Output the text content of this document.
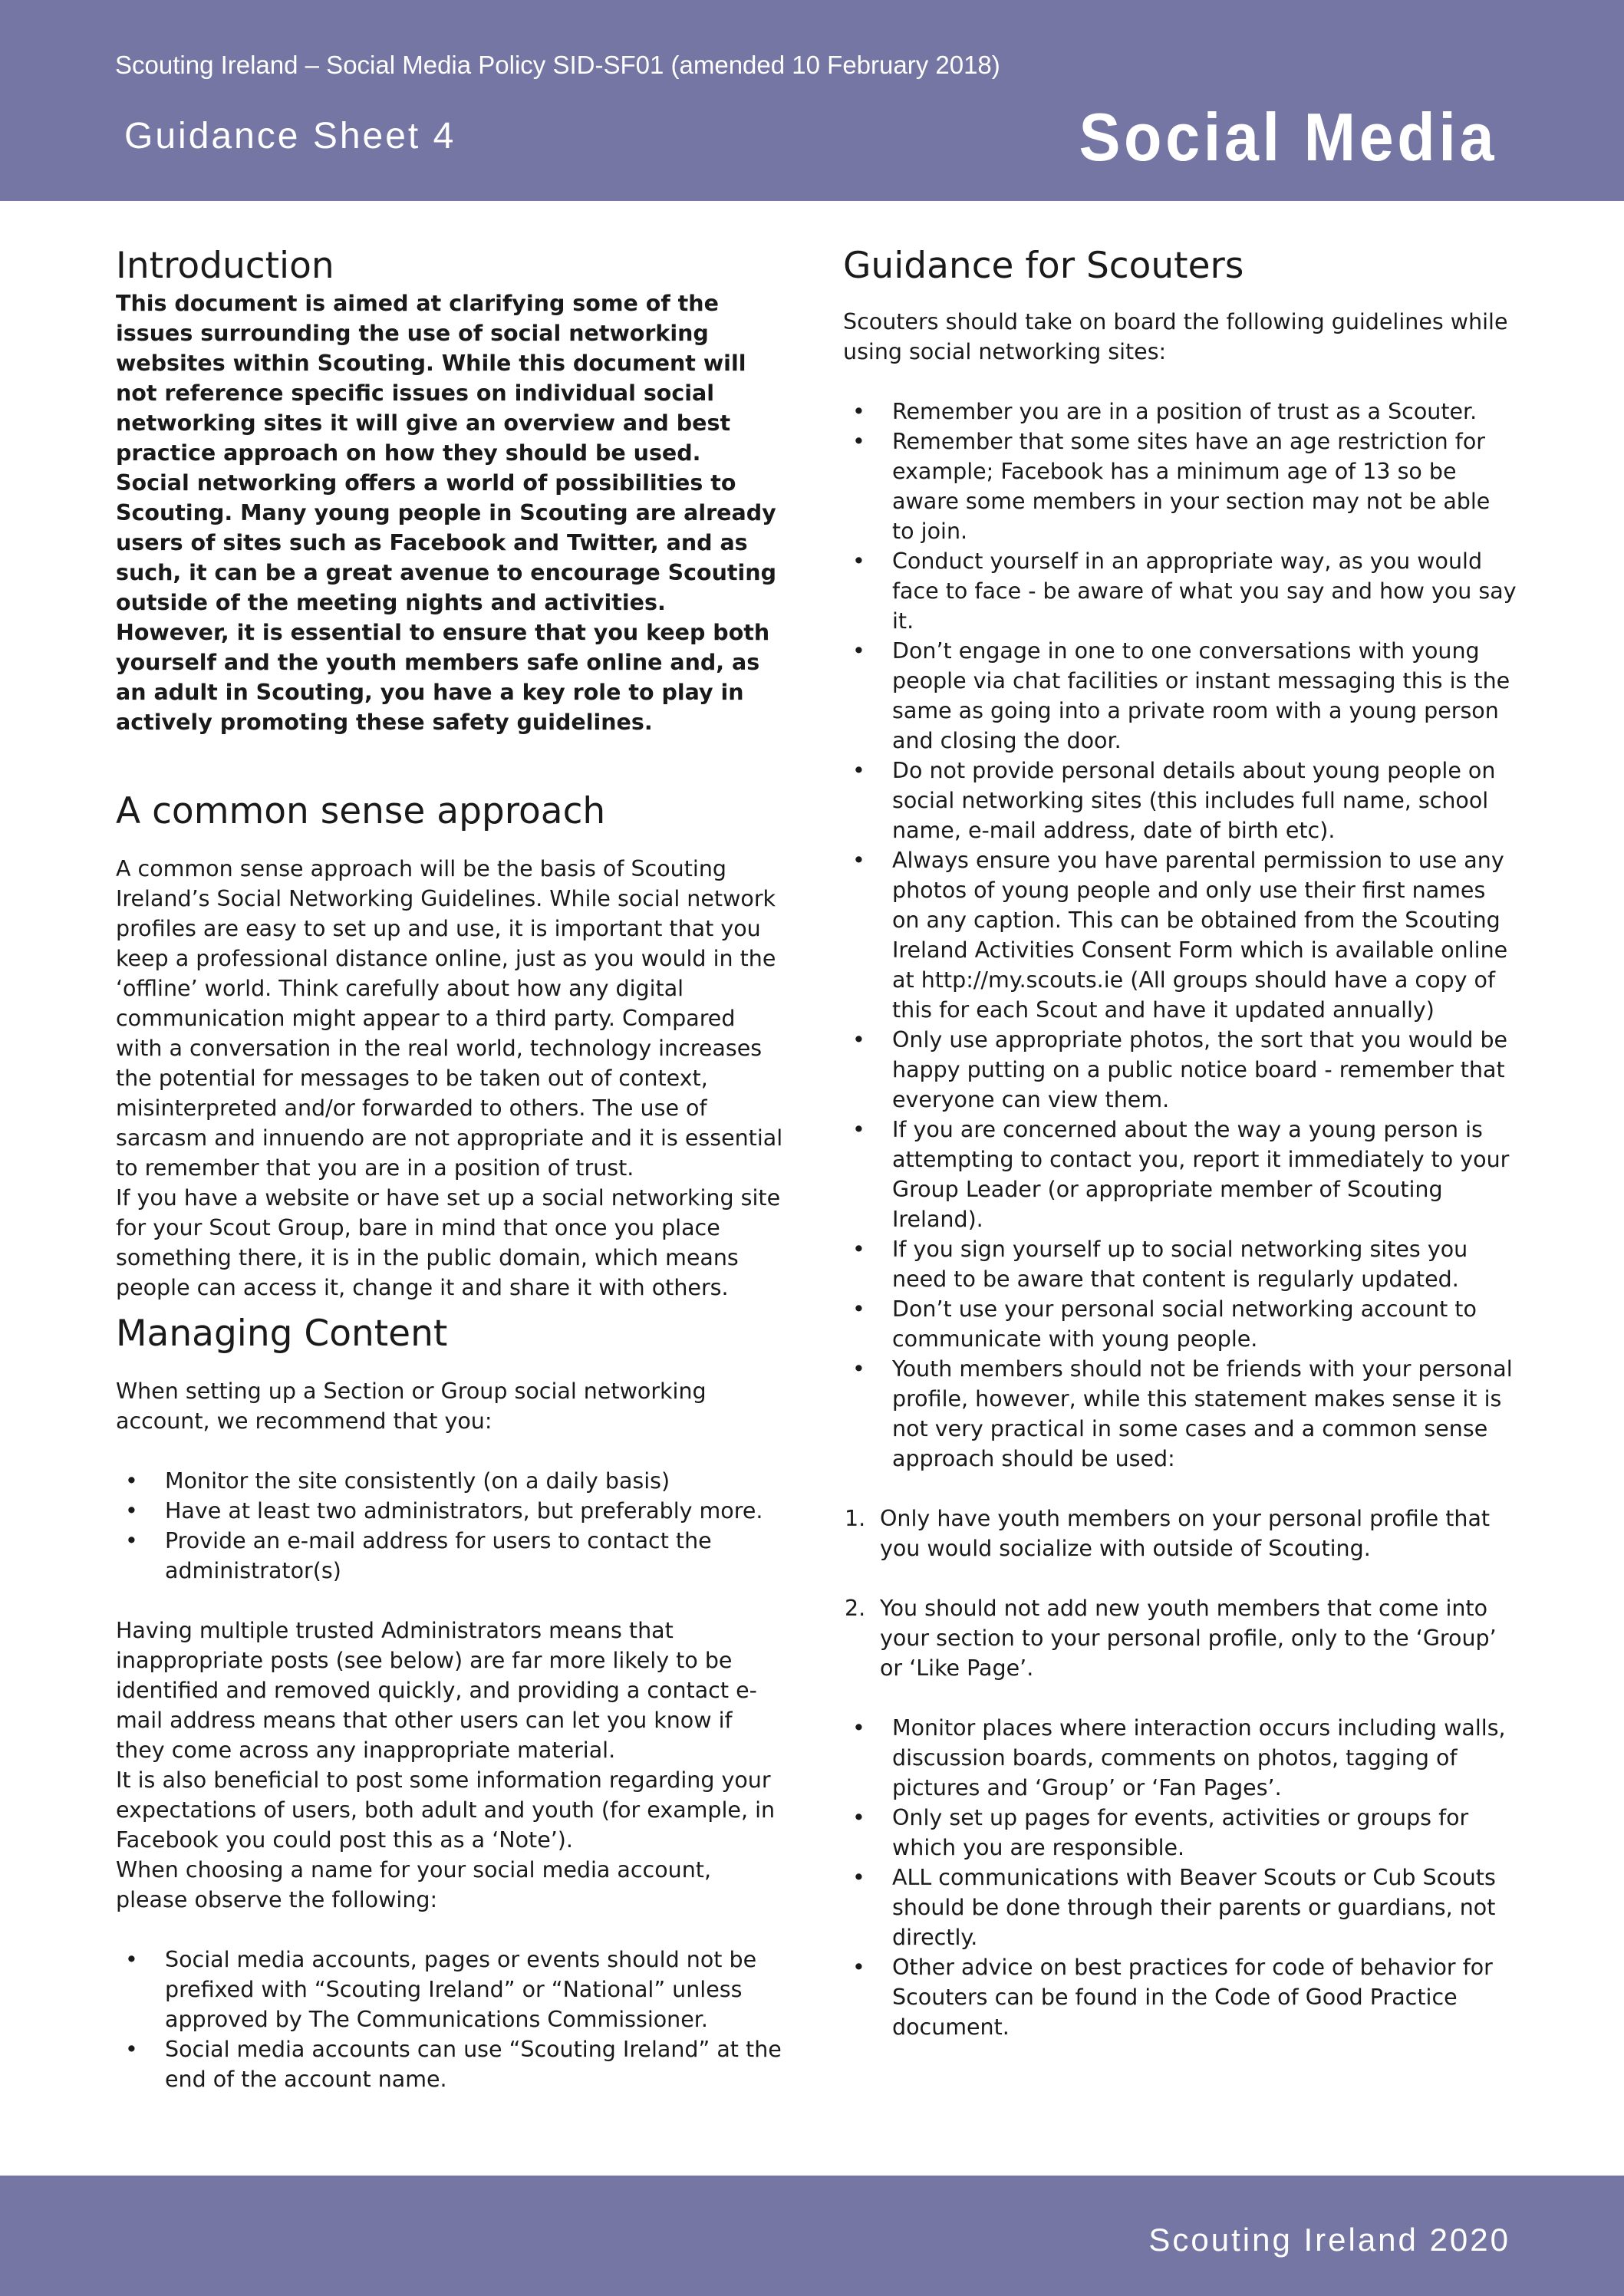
Scouting Ireland – Social Media Policy SID-SF01 (amended 10 February 2018)
Guidance Sheet 4	Social Media
Introduction

This document is aimed at clarifying some of the issues surrounding the use of social networking websites within Scouting. While this document will not reference specific issues on individual social networking sites it will give an overview and best practice approach on how they should be used.

Social networking offers a world of possibilities to Scouting. Many young people in Scouting are already users of sites such as Facebook and Twitter, and as such, it can be a great avenue to encourage Scouting outside of the meeting nights and activities. However, it is essential to ensure that you keep both yourself and the youth members safe online and, as an adult in Scouting, you have a key role to play in actively promoting these safety guidelines.

A common sense approach

A common sense approach will be the basis of Scouting Ireland’s Social Networking Guidelines. While social network profiles are easy to set up and use, it is important that you keep a professional distance online, just as you would in the ‘offline’ world. Think carefully about how any digital communication might appear to a third party. Compared with a conversation in the real world, technology increases the potential for messages to be taken out of context, misinterpreted and/or forwarded to others. The use of sarcasm and innuendo are not appropriate and it is essential to remember that you are in a position of trust.

If you have a website or have set up a social networking site for your Scout Group, bare in mind that once you place something there, it is in the public domain, which means people can access it, change it and share it with others.

Managing Content

When setting up a Section or Group social networking account, we recommend that you:

• Monitor the site consistently (on a daily basis)
• Have at least two administrators, but preferably more.
• Provide an e-mail address for users to contact the administrator(s)

Having multiple trusted Administrators means that inappropriate posts (see below) are far more likely to be identified and removed quickly, and providing a contact e-mail address means that other users can let you know if they come across any inappropriate material.

It is also beneficial to post some information regarding your expectations of users, both adult and youth (for example, in Facebook you could post this as a ‘Note’).

When choosing a name for your social media account, please observe the following:

• Social media accounts, pages or events should not be prefixed with “Scouting Ireland” or “National” unless approved by The Communications Commissioner.
• Social media accounts can use “Scouting Ireland” at the end of the account name.
Guidance for Scouters

Scouters should take on board the following guidelines while using social networking sites:

• Remember you are in a position of trust as a Scouter.
• Remember that some sites have an age restriction for example; Facebook has a minimum age of 13 so be aware some members in your section may not be able to join.
• Conduct yourself in an appropriate way, as you would face to face - be aware of what you say and how you say it.
• Don’t engage in one to one conversations with young people via chat facilities or instant messaging this is the same as going into a private room with a young person and closing the door.
• Do not provide personal details about young people on social networking sites (this includes full name, school name, e-mail address, date of birth etc).
• Always ensure you have parental permission to use any photos of young people and only use their first names on any caption. This can be obtained from the Scouting Ireland Activities Consent Form which is available online at http://my.scouts.ie (All groups should have a copy of this for each Scout and have it updated annually)
• Only use appropriate photos, the sort that you would be happy putting on a public notice board - remember that everyone can view them.
• If you are concerned about the way a young person is attempting to contact you, report it immediately to your Group Leader (or appropriate member of Scouting Ireland).
• If you sign yourself up to social networking sites you need to be aware that content is regularly updated.
• Don’t use your personal social networking account to communicate with young people.
• Youth members should not be friends with your personal profile, however, while this statement makes sense it is not very practical in some cases and a common sense approach should be used:
1. Only have youth members on your personal profile that you would socialize with outside of Scouting.
2. You should not add new youth members that come into your section to your personal profile, only to the ‘Group’ or ‘Like Page’.
• Monitor places where interaction occurs including walls, discussion boards, comments on photos, tagging of pictures and ‘Group’ or ‘Fan Pages’.
• Only set up pages for events, activities or groups for which you are responsible.
• ALL communications with Beaver Scouts or Cub Scouts should be done through their parents or guardians, not directly.
• Other advice on best practices for code of behavior for Scouters can be found in the Code of Good Practice document.
Scouting Ireland 2020
